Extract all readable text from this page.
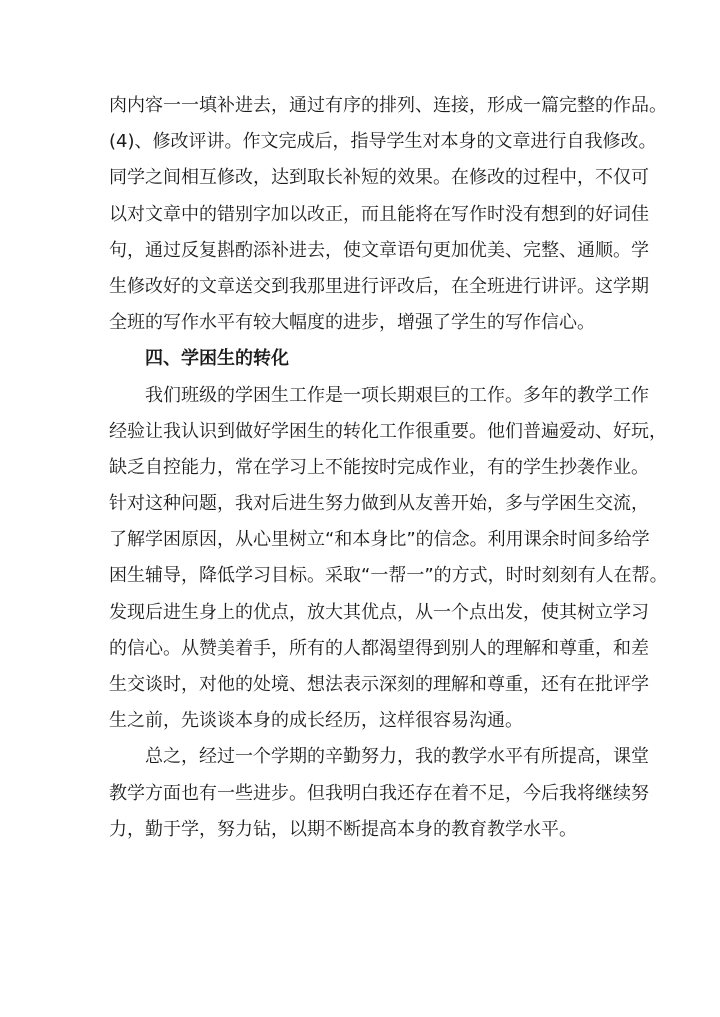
肉内容一一填补进去，通过有序的排列、连接，形成一篇完整的作品。
(4)、修改评讲。作文完成后，指导学生对本身的文章进行自我修改。
同学之间相互修改，达到取长补短的效果。在修改的过程中，不仅可
以对文章中的错别字加以改正，而且能将在写作时没有想到的好词佳
句，通过反复斟酌添补进去，使文章语句更加优美、完整、通顺。学
生修改好的文章送交到我那里进行评改后，在全班进行讲评。这学期
全班的写作水平有较大幅度的进步，增强了学生的写作信心。
　　四、学困生的转化
　　我们班级的学困生工作是一项长期艰巨的工作。多年的教学工作
经验让我认识到做好学困生的转化工作很重要。他们普遍爱动、好玩，
缺乏自控能力，常在学习上不能按时完成作业，有的学生抄袭作业。
针对这种问题，我对后进生努力做到从友善开始，多与学困生交流，
了解学困原因，从心里树立“和本身比”的信念。利用课余时间多给学
困生辅导，降低学习目标。采取“一帮一”的方式，时时刻刻有人在帮。
发现后进生身上的优点，放大其优点，从一个点出发，使其树立学习
的信心。从赞美着手，所有的人都渴望得到别人的理解和尊重，和差
生交谈时，对他的处境、想法表示深刻的理解和尊重，还有在批评学
生之前，先谈谈本身的成长经历，这样很容易沟通。
　　总之，经过一个学期的辛勤努力，我的教学水平有所提高，课堂
教学方面也有一些进步。但我明白我还存在着不足，今后我将继续努
力，勤于学，努力钻，以期不断提高本身的教育教学水平。
